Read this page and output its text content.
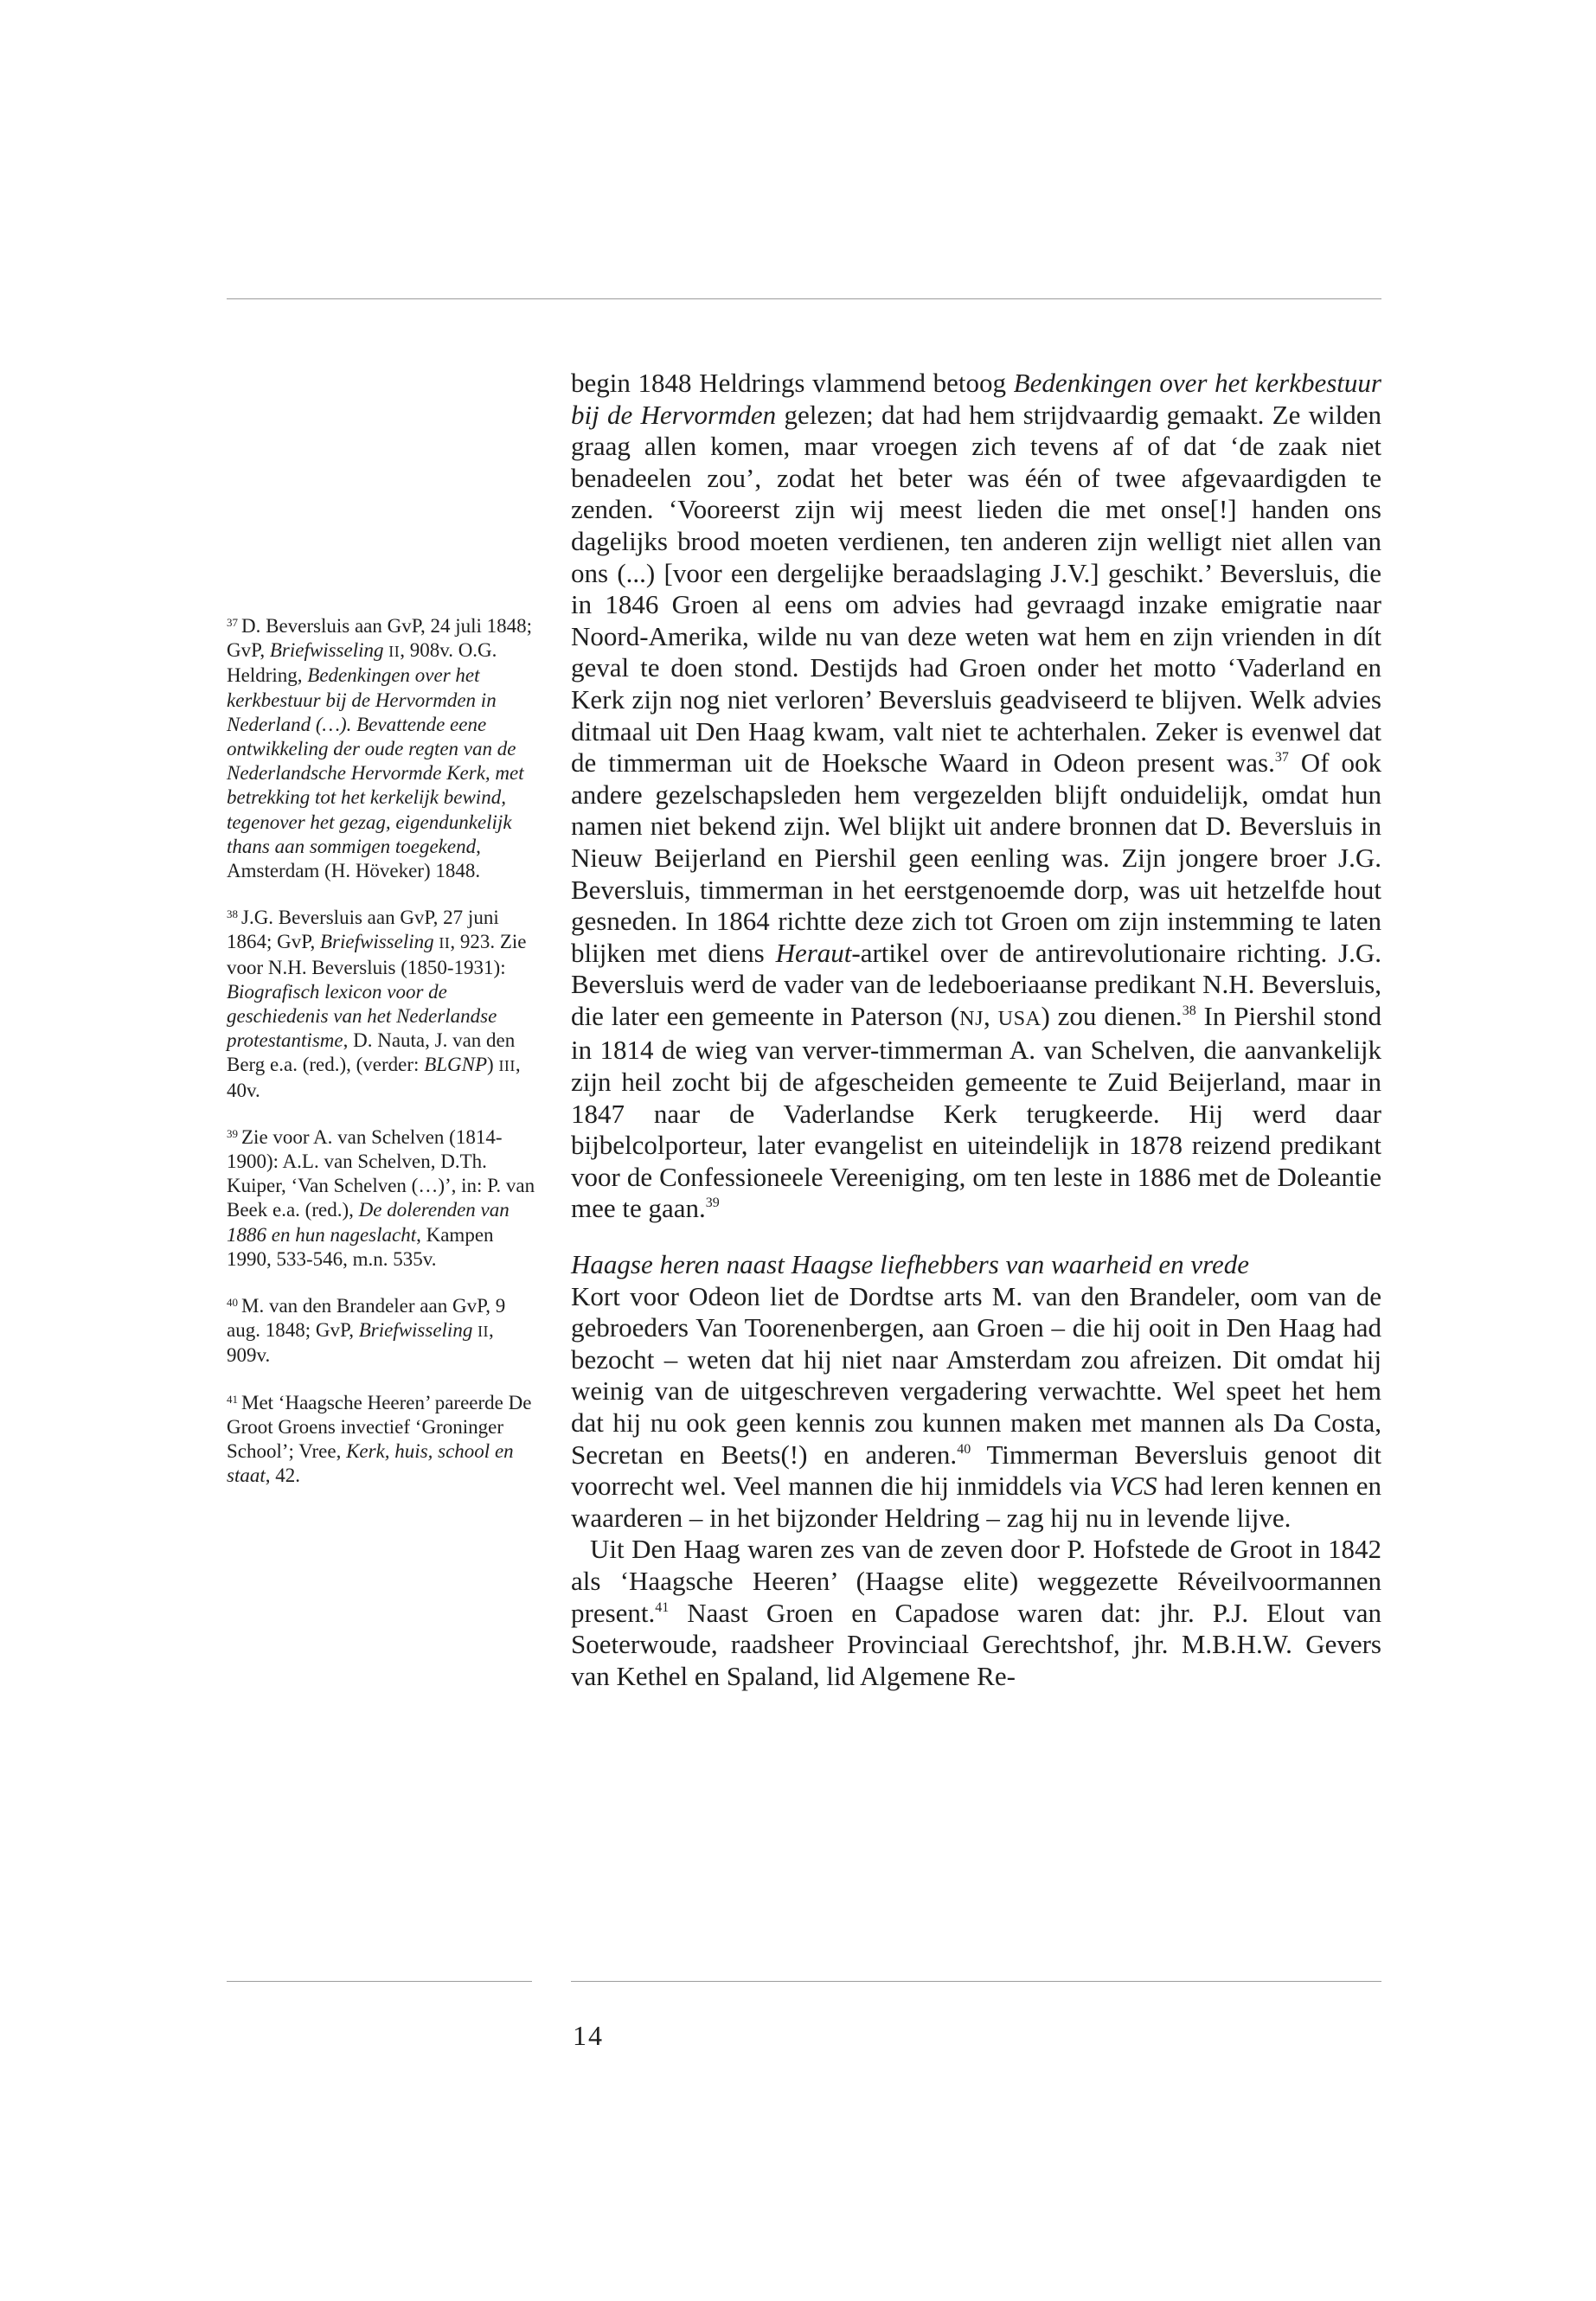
$^{37}$ D. Beversluis aan GvP, 24 juli 1848; GvP, Briefwisseling II, 908v. O.G. Heldring, Bedenkingen over het kerkbestuur bij de Hervormden in Nederland (…). Bevattende eene ontwikkeling der oude regten van de Nederlandsche Hervormde Kerk, met betrekking tot het kerkelijk bewind, tegenover het gezag, eigendunkelijk thans aan sommigen toegekend, Amsterdam (H. Höveker) 1848.
$^{38}$ J.G. Beversluis aan GvP, 27 juni 1864; GvP, Briefwisseling II, 923. Zie voor N.H. Beversluis (1850-1931): Biografisch lexicon voor de geschiedenis van het Nederlandse protestantisme, D. Nauta, J. van den Berg e.a. (red.), (verder: BLGNP) III, 40v.
$^{39}$ Zie voor A. van Schelven (1814-1900): A.L. van Schelven, D.Th. Kuiper, ‘Van Schelven (…)’, in: P. van Beek e.a. (red.), De dolerenden van 1886 en hun nageslacht, Kampen 1990, 533-546, m.n. 535v.
$^{40}$ M. van den Brandeler aan GvP, 9 aug. 1848; GvP, Briefwisseling II, 909v.
$^{41}$ Met ‘Haagsche Heeren’ pareerde De Groot Groens invectief ‘Groninger School’; Vree, Kerk, huis, school en staat, 42.

begin 1848 Heldrings vlammend betoog Bedenkingen over het kerkbestuur bij de Hervormden gelezen; dat had hem strijdvaardig gemaakt. Ze wilden graag allen komen, maar vroegen zich tevens af of dat ‘de zaak niet benadeelen zou’, zodat het beter was één of twee afgevaardigden te zenden. ‘Vooreerst zijn wij meest lieden die met onse[!] handen ons dagelijks brood moeten verdienen, ten anderen zijn welligt niet allen van ons (...) [voor een dergelijke beraadslaging J.V.] geschikt.’ Beversluis, die in 1846 Groen al eens om advies had gevraagd inzake emigratie naar Noord-Amerika, wilde nu van deze weten wat hem en zijn vrienden in dít geval te doen stond. Destijds had Groen onder het motto ‘Vaderland en Kerk zijn nog niet verloren’ Beversluis geadviseerd te blijven. Welk advies ditmaal uit Den Haag kwam, valt niet te achterhalen. Zeker is evenwel dat de timmerman uit de Hoeksche Waard in Odeon present was.$^{37}$ Of ook andere gezelschapsleden hem vergezelden blijft onduidelijk, omdat hun namen niet bekend zijn. Wel blijkt uit andere bronnen dat D. Beversluis in Nieuw Beijerland en Piershil geen eenling was. Zijn jongere broer J.G. Beversluis, timmerman in het eerstgenoemde dorp, was uit hetzelfde hout gesneden. In 1864 richtte deze zich tot Groen om zijn instemming te laten blijken met diens Heraut-artikel over de antirevolutionaire richting. J.G. Beversluis werd de vader van de ledeboeriaanse predikant N.H. Beversluis, die later een gemeente in Paterson (NJ, USA) zou dienen.$^{38}$ In Piershil stond in 1814 de wieg van verver-timmerman A. van Schelven, die aanvankelijk zijn heil zocht bij de afgescheiden gemeente te Zuid Beijerland, maar in 1847 naar de Vaderlandse Kerk terugkeerde. Hij werd daar bijbelcolporteur, later evangelist en uiteindelijk in 1878 reizend predikant voor de Confessioneele Vereeniging, om ten leste in 1886 met de Doleantie mee te gaan.$^{39}$

Haagse heren naast Haagse liefhebbers van waarheid en vrede

Kort voor Odeon liet de Dordtse arts M. van den Brandeler, oom van de gebroeders Van Toorenenbergen, aan Groen – die hij ooit in Den Haag had bezocht – weten dat hij niet naar Amsterdam zou afreizen. Dit omdat hij weinig van de uitgeschreven vergadering verwachtte. Wel speet het hem dat hij nu ook geen kennis zou kunnen maken met mannen als Da Costa, Secretan en Beets(!) en anderen.$^{40}$ Timmerman Beversluis genoot dit voorrecht wel. Veel mannen die hij inmiddels via VCS had leren kennen en waarderen – in het bijzonder Heldring – zag hij nu in levende lijve.

Uit Den Haag waren zes van de zeven door P. Hofstede de Groot in 1842 als ‘Haagsche Heeren’ (Haagse elite) weggezette Réveilvoormannen present.$^{41}$ Naast Groen en Capadose waren dat: jhr. P.J. Elout van Soeterwoude, raadsheer Provinciaal Gerechtshof, jhr. M.B.H.W. Gevers van Kethel en Spaland, lid Algemene Re-

14
